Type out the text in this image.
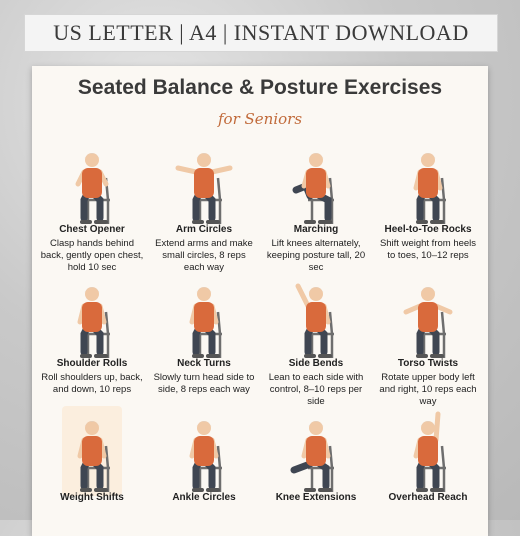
US LETTER | A4 | INSTANT DOWNLOAD
Seated Balance & Posture Exercises
for Seniors
Chest Opener
Clasp hands behind back, gently open chest, hold 10 sec
Arm Circles
Extend arms and make small circles, 8 reps each way
Marching
Lift knees alternately, keeping posture tall, 20 sec
Heel-to-Toe Rocks
Shift weight from heels to toes, 10–12 reps
Shoulder Rolls
Roll shoulders up, back, and down, 10 reps
Neck Turns
Slowly turn head side to side, 8 reps each way
Side Bends
Lean to each side with control, 8–10 reps per side
Torso Twists
Rotate upper body left and right, 10 reps each way
Weight Shifts	Ankle Circles	Knee Extensions	Overhead Reach
